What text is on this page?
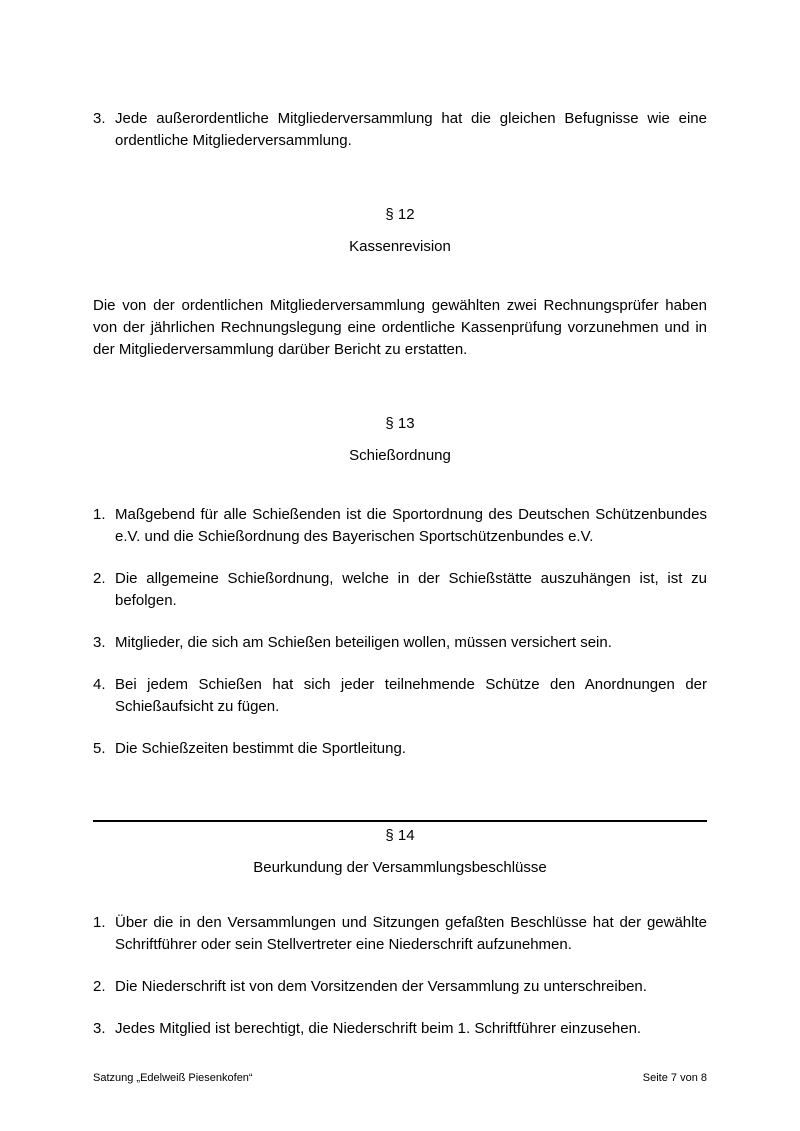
3. Jede außerordentliche Mitgliederversammlung hat die gleichen Befugnisse wie eine ordentliche Mitgliederversammlung.
§ 12
Kassenrevision

Die von der ordentlichen Mitgliederversammlung gewählten zwei Rechnungsprüfer haben von der jährlichen Rechnungslegung eine ordentliche Kassenprüfung vorzunehmen und in der Mitgliederversammlung darüber Bericht zu erstatten.

§ 13
Schießordnung
1. Maßgebend für alle Schießenden ist die Sportordnung des Deutschen Schützenbundes e.V. und die Schießordnung des Bayerischen Sportschützenbundes e.V.
2. Die allgemeine Schießordnung, welche in der Schießstätte auszuhängen ist, ist zu befolgen.
3. Mitglieder, die sich am Schießen beteiligen wollen, müssen versichert sein.
4. Bei jedem Schießen hat sich jeder teilnehmende Schütze den Anordnungen der Schießaufsicht zu fügen.
5. Die Schießzeiten bestimmt die Sportleitung.
§ 14
Beurkundung der Versammlungsbeschlüsse
1. Über die in den Versammlungen und Sitzungen gefaßten Beschlüsse hat der gewählte Schriftführer oder sein Stellvertreter eine Niederschrift aufzunehmen.
2. Die Niederschrift ist von dem Vorsitzenden der Versammlung zu unterschreiben.
3. Jedes Mitglied ist berechtigt, die Niederschrift beim 1. Schriftführer einzusehen.
Satzung „Edelweiß Piesenkofen“	Seite 7 von 8
